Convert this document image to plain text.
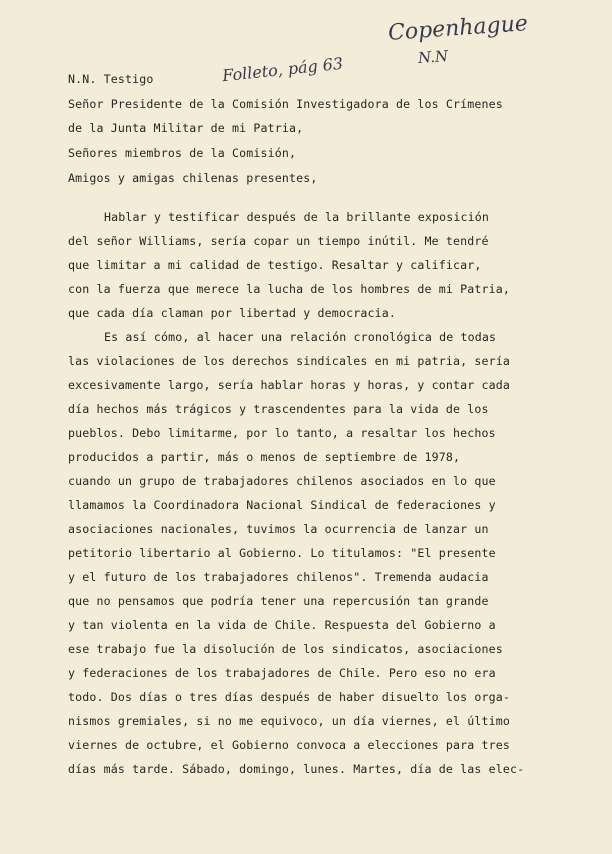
Copenhague
N.N
Folleto, pág 63
N.N. Testigo
Señor Presidente de la Comisión Investigadora de los Crímenes
de la Junta Militar de mi Patria,
Señores miembros de la Comisión,
Amigos y amigas chilenas presentes,
Hablar y testificar después de la brillante exposición
del señor Williams, sería copar un tiempo inútil. Me tendré
que limitar a mi calidad de testigo. Resaltar y calificar,
con la fuerza que merece la lucha de los hombres de mi Patria,
que cada día claman por libertad y democracia.
Es así cómo, al hacer una relación cronológica de todas
las violaciones de los derechos sindicales en mi patria, sería
excesivamente largo, sería hablar horas y horas, y contar cada
día hechos más trágicos y trascendentes para la vida de los
pueblos. Debo limitarme, por lo tanto, a resaltar los hechos
producidos a partir, más o menos de septiembre de 1978,
cuando un grupo de trabajadores chilenos asociados en lo que
llamamos la Coordinadora Nacional Sindical de federaciones y
asociaciones nacionales, tuvimos la ocurrencia de lanzar un
petitorio libertario al Gobierno. Lo titulamos: "El presente
y el futuro de los trabajadores chilenos". Tremenda audacia
que no pensamos que podría tener una repercusión tan grande
y tan violenta en la vida de Chile. Respuesta del Gobierno a
ese trabajo fue la disolución de los sindicatos, asociaciones
y federaciones de los trabajadores de Chile. Pero eso no era
todo. Dos días o tres días después de haber disuelto los orga-
nismos gremiales, si no me equivoco, un día viernes, el último
viernes de octubre, el Gobierno convoca a elecciones para tres
días más tarde. Sábado, domingo, lunes. Martes, día de las elec-
